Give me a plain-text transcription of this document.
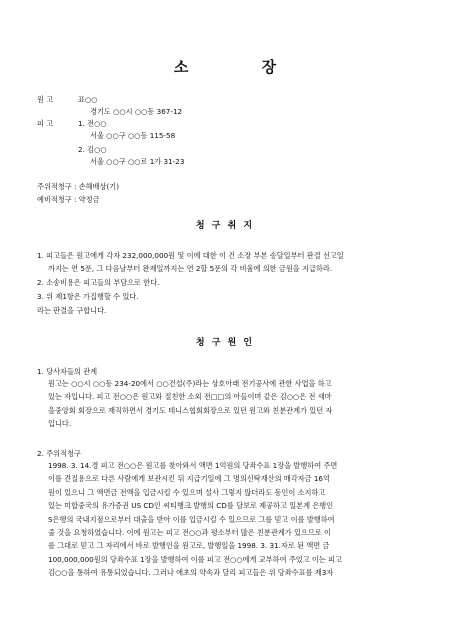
소 장
원 고	표○○
경기도 ○○시 ○○동 367-12
피 고	1. 전○○
서울 ○○구 ○○동 115-58
2. 김○○
서울 ○○구 ○○로 1가 31-23
주위적청구 : 손해배상(기)
예비적청구 : 약정금
청 구 취 지
1. 피고들은 원고에게 각자 232,000,000원 및 이에 대한 이 건 소장 부본 송달일부터 판결 선고일
까지는 연 5푼, 그 다음날부터 완제일까지는 연 2할 5푼의 각 비율에 의한 금원을 지급하라.
2. 소송비용은 피고들의 부담으로 한다.
3. 위 제1항은 가집행할 수 있다.
라는 판결을 구합니다.
청 구 원 인
1. 당사자들의 관계
원고는 ○○시 ○○동 234-20에서 ○○건설(주)라는 상호아래 전기공사에 관한 사업을 하고
있는 자입니다. 피고 전○○은 원고와 절친한 소외 전□□의 아들이며 같은 김○○은 전 새마
을중앙회 회장으로 재직하면서 경기도 테니스협회회장으로 있던 원고와 친분관계가 있던 자
입니다.
2. 주위적청구
1998. 3. 14.경 피고 전○○은 원고를 찾아와서 액면 1억원의 당좌수표 1장을 발행하여 주면
이를 견질용으로 다른 사람에게 보관시킨 뒤 지급기일에 그 명의신탁재산의 매각자금 16억
원이 있으니 그 액면금 전액을 입금시킬 수 있으며 설사 그렇지 않더라도 동인이 소지하고
있는 미합중국의 유가증권 US CD인 씨티뱅크 발행의 CD를 담보로 제공하고 일본계 은행인
S은행의 국내지점으로부터 대출을 받아 이를 입금시킬 수 있으므로 그를 믿고 이를 발행하여
줄 것을 요청하였습니다. 이에 원고는 피고 전○○과 평소부터 많은 친분관계가 있으므로 이
를 그대로 믿고 그 자리에서 바로 발행인을 원고로, 발행일을 1998. 3. 31.자로 된 액면 금
100,000,000원의 당좌수표 1장을 발행하여 이를 피고 전○○에게 교부하여 주었고 이는 피고
김○○을 통하여 유통되었습니다. 그러나 애초의 약속과 달리 피고들은 위 당좌수표를 제3자
